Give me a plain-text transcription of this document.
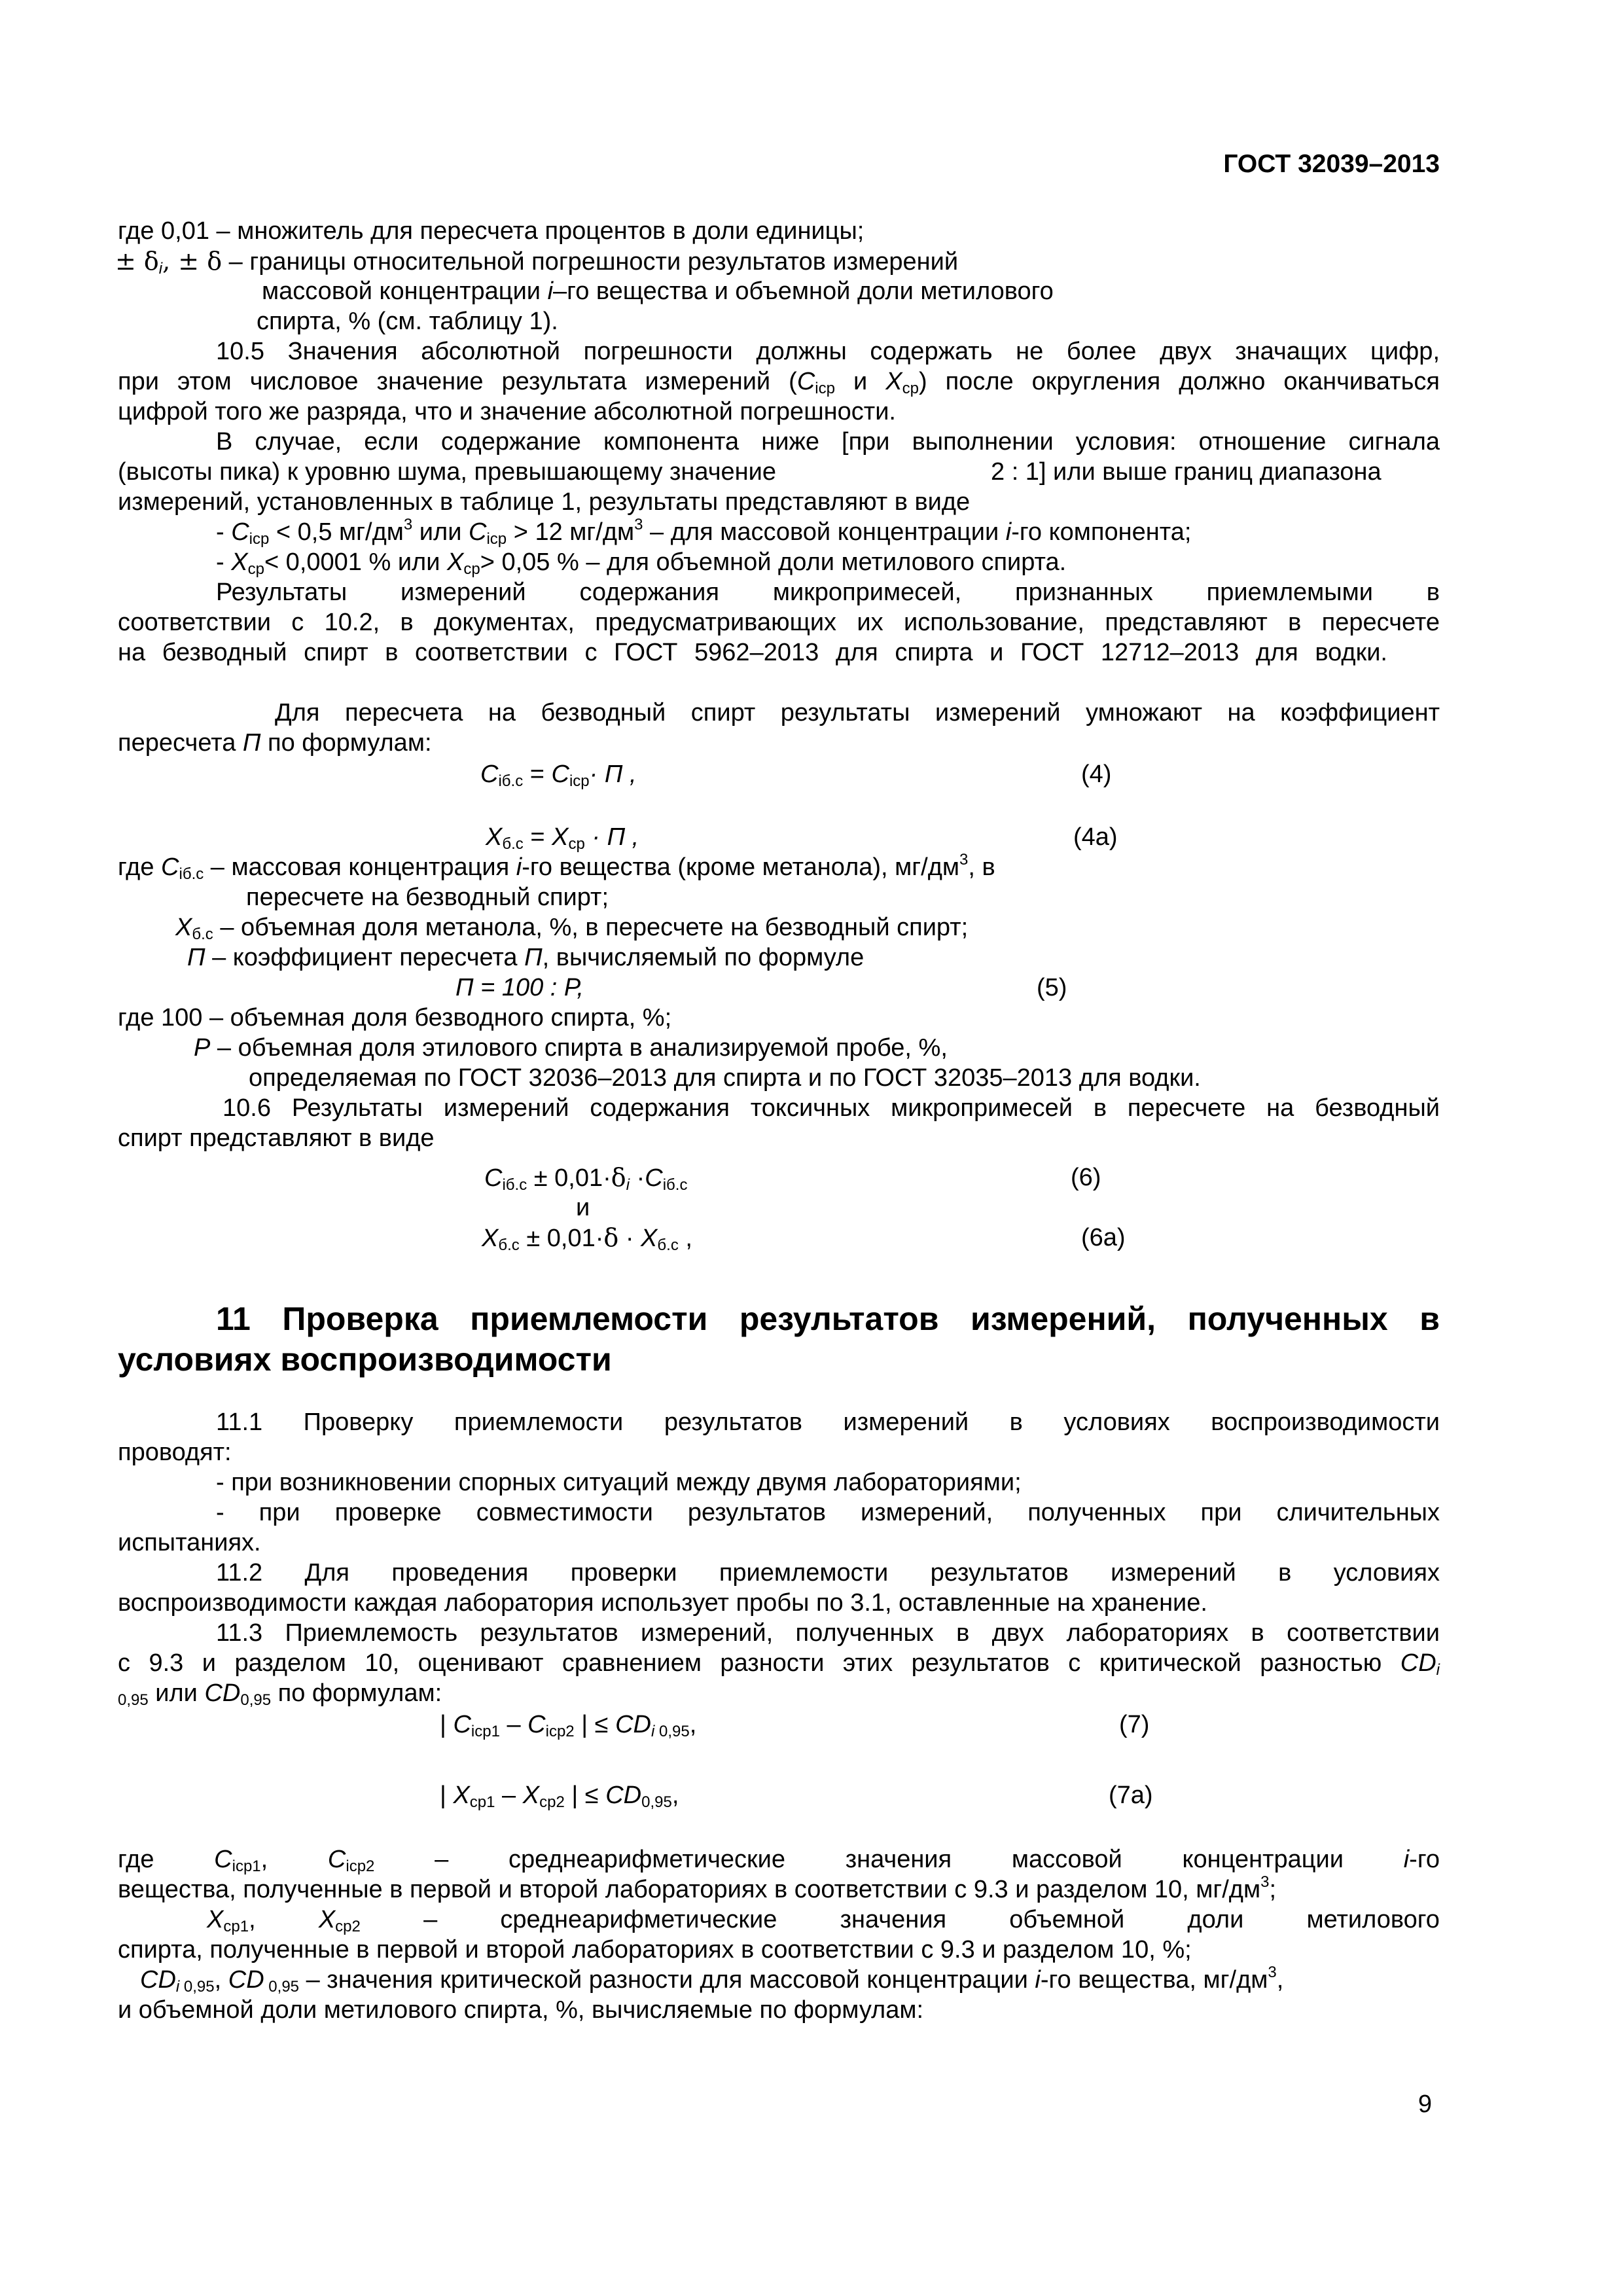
ГОСТ 32039–2013
где 0,01 – множитель для пересчета процентов в доли единицы;
± $\delta_i$, ± δ – границы относительной погрешности результатов измерений
массовой концентрации i–го вещества и объемной доли метилового
спирта, % (см. таблицу 1).
10.5 Значения абсолютной погрешности должны содержать не более двух значащих цифр,
при этом числовое значение результата измерений ($C_{iср}$ и $X_{ср}$) после округления должно оканчиваться
цифрой того же разряда, что и значение абсолютной погрешности.
В случае, если содержание компонента ниже [при выполнении условия: отношение сигнала
(высоты пика) к уровню шума, превышающему значение	2 : 1] или выше границ диапазона
измерений, установленных в таблице 1, результаты представляют в виде
- $C_{iср} < 0,5$ $мг/дм^3$ или $C_{iср} > 12$ $мг/дм^3$ – для массовой концентрации i-го компонента;
- $X_{ср}< 0,0001$ % или $X_{ср}> 0,05$ % – для объемной доли метилового спирта.
Результаты измерений содержания микропримесей, признанных приемлемыми в
соответствии с 10.2, в документах, предусматривающих их использование, представляют в пересчете
на безводный спирт в соответствии с ГОСТ 5962–2013 для спирта и ГОСТ 12712–2013 для водки.
Для пересчета на безводный спирт результаты измерений умножают на коэффициент
пересчета П по формулам:
$C_{iб.с} = C_{iср}\cdot П$ ,	(4)
$X_{б.с} = X_{ср} \cdot П$ ,	(4а)
где $C_{iб.с}$ – массовая концентрация i-го вещества (кроме метанола), $мг/дм^3$, в
пересчете на безводный спирт;
$X_{б.с}$ – объемная доля метанола, %, в пересчете на безводный спирт;
П – коэффициент пересчета П, вычисляемый по формуле
П = 100 : Р,	(5)
где 100 – объемная доля безводного спирта, %;
Р – объемная доля этилового спирта в анализируемой пробе, %,
определяемая по ГОСТ 32036–2013 для спирта и по ГОСТ 32035–2013 для водки.
10.6 Результаты измерений содержания токсичных микропримесей в пересчете на безводный
спирт представляют в виде
$C_{iб.с} \pm 0,01\cdot\delta_i \cdot C_{iб.с}$	(6)
и
$X_{б.с} \pm 0,01\cdot\delta \cdot X_{б.с}$ ,	(6а)
11 Проверка приемлемости результатов измерений, полученных в
условиях воспроизводимости
11.1 Проверку приемлемости результатов измерений в условиях воспроизводимости
проводят:
- при возникновении спорных ситуаций между двумя лабораториями;
- при проверке совместимости результатов измерений, полученных при сличительных
испытаниях.
11.2 Для проведения проверки приемлемости результатов измерений в условиях
воспроизводимости каждая лаборатория использует пробы по 3.1, оставленные на хранение.
11.3 Приемлемость результатов измерений, полученных в двух лабораториях в соответствии
с 9.3 и разделом 10, оценивают сравнением разности этих результатов с критической разностью $CD_i$
$_{0,95}$ или $CD_{0,95}$ по формулам:
| $C_{iср1} - C_{iср2}$ | ≤ $CD_i$ $_{0,95}$,	(7)
| $X_{ср1} - X_{ср2}$ | ≤ $CD_{0,95}$,	(7а)
где $C_{iср1}$, $C_{iср2}$ – среднеарифметические значения массовой концентрации i-го
вещества, полученные в первой и второй лабораториях в соответствии с 9.3 и разделом 10, $мг/дм^3$;
$X_{ср1}$,	$X_{ср2}$	–	среднеарифметические	значения	объемной	доли	метилового
спирта, полученные в первой и второй лабораториях в соответствии с 9.3 и разделом 10, %;
$CD_i$ $_{0,95}$, CD $_{0,95}$ – значения критической разности для массовой концентрации i-го вещества, $мг/дм^3$,
и объемной доли метилового спирта, %, вычисляемые по формулам:
9
